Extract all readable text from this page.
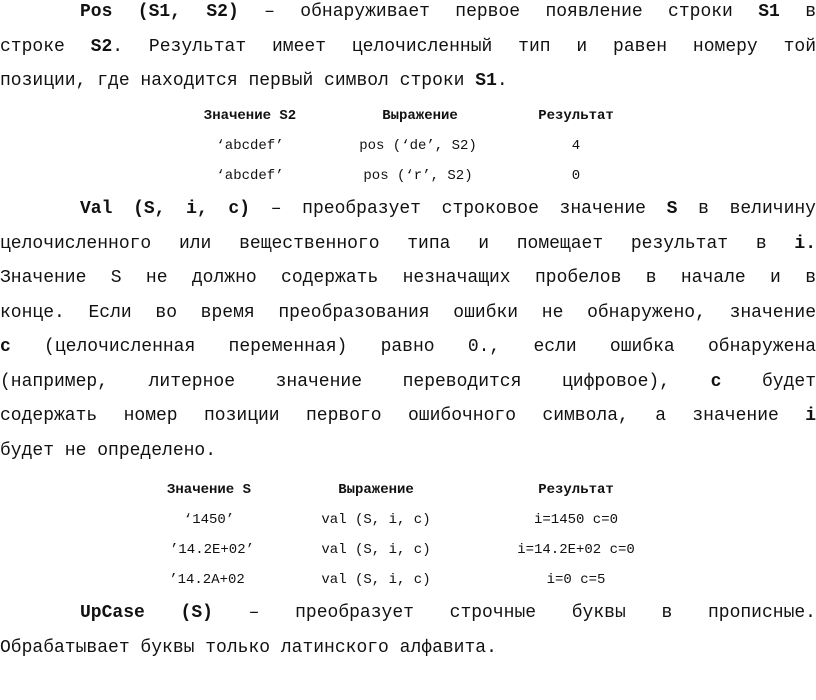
Pos (S1, S2) – обнаруживает первое появление строки S1 в
строке S2. Результат имеет целочисленный тип и равен номеру той
позиции, где находится первый символ строки S1.
Значение S2	Выражение	Результат
‘abcdef’	pos (‘de’, S2)	4
‘abcdef’	pos (‘r’, S2)	0
Val (S, i, c) – преобразует строковое значение S в величину
целочисленного или вещественного типа и помещает результат в i.
Значение S не должно содержать незначащих пробелов в начале и в
конце. Если во время преобразования ошибки не обнаружено, значение
c (целочисленная переменная) равно 0., если ошибка обнаружена
(например, литерное значение переводится цифровое), c будет
содержать номер позиции первого ошибочного символа, а значение i
будет не определено.
Значение S	Выражение	Результат
‘1450’	val (S, i, c)	i=1450 c=0
’14.2E+02’	val (S, i, c)	i=14.2E+02 c=0
’14.2A+02	val (S, i, c)	i=0 c=5
UpCase (S) – преобразует строчные буквы в прописные.
Обрабатывает буквы только латинского алфавита.
